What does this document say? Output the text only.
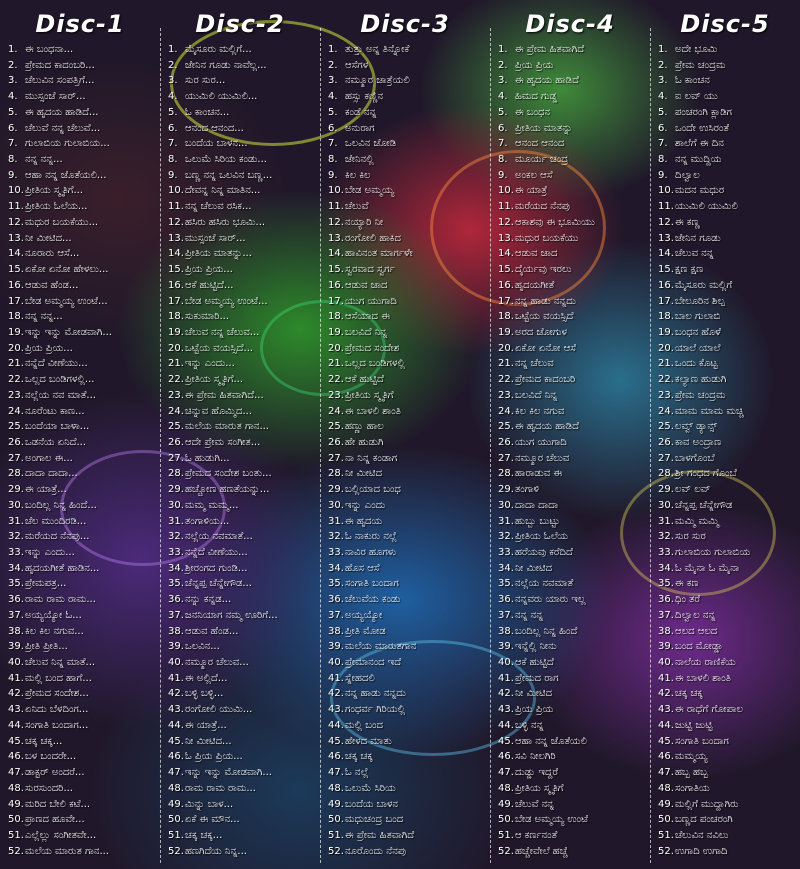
Disc-1
1. ಈ ಬಂಧನಾ...
2. ಪ್ರೇಮದ ಕಾದಂಬರಿ...
3. ಚೆಲುವಿನ ಸಂಪತ್ತಿಗೆ...
4. ಮುಸ್ಸಂಜೆ ಸಾರ್...
5. ಈ ಹೃದಯ ಹಾಡಿದೆ...
6. ಚೆಲುವೆ ನನ್ನ ಚೆಲುವೆ...
7. ಗುಲಾಬಿಯ ಗುಲಾಬಿಯ...
8. ನನ್ನ ನನ್ನ...
9. ಆಹಾ ನನ್ನ ಜೊತೆಯಲಿ...
10.ಪ್ರೀತಿಯ ಸ್ಮೃತಿಗೆ...
11.ಪ್ರೀತಿಯ ಓಲೆಯ...
12.ಮಧುರ ಬಯಕೆಯು...
13.ನೀ ಮೀಟಿದ...
14.ನೂರಾರು ಆಸೆ...
15.ಏಕೋ ಏನೋ ಹೇಳಲು...
16.ಆಡುವ ಹೆಂಡ...
17.ಬೇಡ ಅಮ್ಮಯ್ಯ ಉಂಟೆ...
18.ನನ್ನ ನನ್ನ...
19.ಇನ್ನು ಇನ್ನು ಮೋಡವಾಗಿ...
20.ಪ್ರಿಯ ಪ್ರಿಯ...
21.ನನ್ನೆದೆ ವೀಣೆಯು...
22.ಒಲ್ಲದ ಬಂಡಿಗಳಲ್ಲಿ...
23.ನಲ್ಲೆಯ ನವ ಮಾತೆ...
24.ನೂರೆಂಟು ಕಾಣ...
25.ಬಂದೆಯಾ ಬಾಳಾ...
26.ಒಡನೆಯ ಏನಿದೆ...
27.ಅಂಗಾಲ ಈ...
28.ದಾದಾ ದಾದಾ...
29.ಈ ಯಾತ್ರೆ...
30.ಬಂದಿಲ್ಲ ನಿನ್ನ ಹಿಂದೆ...
31.ಚೆಲ ಮುಂದಿರಡಿ...
32.ಮರೆಯದ ನೆನಪು...
33.ಇನ್ನು ಎಂದು...
34.ಹೃದಯಗೀತೆ ಹಾಡಿನ...
35.ಪ್ರೇಮಪತ್ರ...
36.ರಾಮ ರಾಮ ರಾಮ...
37.ಅಯ್ಯಯ್ಯೋ ಓ...
38.ಕಿಲ ಕಿಲ ನಗುವ...
39.ಪ್ರೀತಿ ಪ್ರೀತಿ...
40.ಚೆಲುವ ನಿನ್ನ ಮಾತೆ...
41.ಮಲ್ಲಿ ಬಂದ ಹಾಗೆ...
42.ಪ್ರೇಮದ ಸಂದೇಶ...
43.ಏನಿದು ಬೆಳದಿಂಗ...
44.ಸಂಗಾತಿ ಬಂದಾಗ...
45.ಚಕ್ಕ ಚಕ್ಕ...
46.ಬಳ ಬಂದರೇ...
47.ಡಾಕ್ಟರ್ ಅಂದರೆ...
48.ಸುರಸುಂದರಿ...
49.ಮರಿದ ಬೇಲಿ ಕಟೆ...
50.ಪ್ರಾಣದ ಹೂವೇ...
51.ಎಲ್ಲೆಲ್ಲು ಸಂಗೀತವೇ...
52.ಮಲೆಯ ಮಾರುತ ಗಾನ...
Disc-2
1. ಮೈಸೂರು ಮಲ್ಲಿಗೆ...
2. ಜೇನಿನ ಗೂಡು ನಾವೆಲ್ಲ...
3. ಸುರ ಸುರ...
4. ಯುಮಿಲಿ ಯುಮಿಲಿ...
5. ಓ ಕಾಂಚನ...
6. ಆನಂದ ಆನಂದ...
7. ಬಂದೆಯ ಬಾಳನ...
8. ಒಲುಮೆ ಸಿರಿಯ ಕಂಡು...
9. ಬಣ್ಣ ನನ್ನ ಒಲವಿನ ಬಣ್ಣ...
10.ದೇವನ್ನ ನಿನ್ನ ಮಾತಿನ...
11.ನನ್ನ ಚೆಲುವ ರಸಿಕ...
12.ಹಸಿರು ಹಸಿರು ಭೂಮಿ...
13.ಮುಸ್ಸಂಜೆ ಸಾರ್...
14.ಪ್ರೀತಿಯ ಮಾತನ್ನು...
15.ಪ್ರಿಯ ಪ್ರಿಯ...
16.ಆಕೆ ಹುಟ್ಟಿದೆ...
17.ಬೇಡ ಅಮ್ಮಯ್ಯ ಉಂಟೆ...
18.ಸುಕುಮಾರಿ...
19.ಚೆಲುವ ನನ್ನ ಚೆಲುವ...
20.ಒಟ್ಟೆಯ ವಯಸ್ಸಿದೆ...
21.ಇನ್ನು ಎಂದು...
22.ಪ್ರೀತಿಯ ಸ್ಮೃತಿಗೆ...
23.ಈ ಪ್ರೇಮ ಹಿತವಾಗಿದೆ...
24.ಚಿನ್ನುವ ಹೊಮ್ಮಿದ...
25.ಮಲೆಯ ಮಾರುತ ಗಾನ...
26.ಆದೇ ಪ್ರೇಮ ಸಂಗೀತ...
27.ಓ ಹುಡುಗಿ...
28.ಪ್ರೇಮದ ಸಂದೇಶ ಬಂತು...
29.ಹಚ್ಚೋಣ ಹಣತೆಯನ್ನು...
30.ಮಮ್ಮ ಮಮ್ಮ...
31.ತಂಗಾಳಿಯ...
32.ನಲ್ಲೆಯ ನವಮಾತೆ...
33.ನನ್ನೆದೆ ವೀಣೆಯು...
34.ಶ್ರೀರಂಗದ ಗುಂಡಿ...
35.ಚೆನ್ನಪ್ಪ ಚೆನ್ನೇಗೌಡ...
36.ನನ್ನು ಕನ್ನಡ...
37.ಜನನಿಯಾಗ ನಮ್ಮ ಊರಿಗೆ...
38.ಆಡುವ ಹೆಂಡ...
39.ಒಲವಿನ...
40.ನಮ್ಮೂರ ಚೆಲುವ...
41.ಈ ಅಲ್ಲಿದೆ...
42.ಬಳ್ಳಿ ಬಳ್ಳಿ...
43.ರಂಗೋಲಿ ಯುಮಿ...
44.ಈ ಯಾತ್ರೆ...
45.ನೀ ಮೀಟಿದ...
46.ಓ ಪ್ರಿಯ ಪ್ರಿಯ...
47.ಇನ್ನು ಇನ್ನು ಮೋಡವಾಗಿ...
48.ರಾಮ ರಾಮ ರಾಮ...
49.ಮಿನ್ನು ಬಾಳ...
50.ಏಕೆ ಈ ಮೌನ...
51.ಚಕ್ಕ ಚಕ್ಕ...
52.ಹಣಗಿದೆಯ ನಿನ್ನ...
Disc-3
1. ತುತ್ತು ಅನ್ನ ತಿನ್ನೋಕೆ
2. ಆಸೆಗಳ
3. ನಮ್ಮೂರ ಜಾತ್ರೆಯಲಿ
4. ಹಸ್ಸು ಕಣ್ಣಿನ
5. ಕಂಡೆ ನನ್ನ
6. ಅನುರಾಗ
7. ಒಲವಿನ ಜೋಡಿ
8. ಜೇನಿನಲ್ಲಿ
9. ಕಿಲ ಕಿಲ
10.ಬೇಡ ಅಮ್ಮಯ್ಯ
11.ಚೆಲುವೆ
12.ನಯ್ಯಾರಿ ನೀ
13.ರಂಗೋಲಿ ಹಾಕಿದ
14.ಹಾವಿನಂತ ಮಾರ್ಗಳೇ
15.ಸ್ವರವಾದ ಸ್ವರ್ಗ
16.ಆಡುವ ಜಾದ
17.ಯುಗ ಯುಗಾದಿ
18.ಆಸೆಯಾದ ಈ
19.ಬಲವಿದೆ ನಿನ್ನ
20.ಪ್ರೇಮದ ಸಂದೇಶ
21.ಒಲ್ಲದ ಬಂಡಿಗಳಲ್ಲಿ
22.ಆಕೆ ಹುಟ್ಟಿದೆ
23.ಪ್ರೀತಿಯ ಸ್ಮೃತಿಗೆ
24.ಈ ಬಾಳಲಿ ಶಾಂತಿ
25.ಹಣ್ಣು ಹಾಲ
26.ಹೇ ಹುಡುಗಿ
27.ನಾ ನಿನ್ನ ಕಂಡಾಗ
28.ನೀ ಮೀಟಿದ
29.ಬಲ್ಲಿಯಾದ ಬಂಧ
30.ಇನ್ನು ಎಂದು
31.ಈ ಹೃದಯ
32.ಓ ನಾಕುರು ನಲ್ಲೆ
33.ನಾವಿರ ಹೂಗಳು
34.ಹೊಸ ಆಸೆ
35.ಸಂಗಾತಿ ಬಂದಾಗ
36.ಚೆಲುವೆಯ ಕಂಡು
37.ಅಯ್ಯಯ್ಯೋ
38.ಪ್ರೀತಿ ಮೋಡ
39.ಮಲೆಯ ಮಾರುತಗಾನ
40.ಪ್ರೇಮಾನಂದ ಇದೆ
41.ಸ್ನೇಹದಲಿ
42.ನನ್ನ ಹಾಡು ನನ್ನದು
43.ಗಂಧರ್ವ ಗಿರಿಯಲ್ಲಿ
44.ಮಲ್ಲಿ ಬಂದ
45.ಹೇಳದ ಮಾತು
46.ಚಕ್ಕ ಚಕ್ಕ
47.ಓ ನಲ್ಲೆ
48.ಒಲುಮೆ ಸಿರಿಯ
49.ಬಂದೆಯ ಬಾಳನ
50.ಮಧುಚಂದ್ರ ಬಂದ
51.ಈ ಪ್ರೇಮ ಹಿತವಾಗಿದೆ
52.ನೂರೊಂದು ನೆನಪು
Disc-4
1. ಈ ಪ್ರೇಮ ಹಿತವಾಗಿದೆ
2. ಪ್ರಿಯ ಪ್ರಿಯ
3. ಈ ಹೃದಯ ಹಾಡಿದೆ
4. ಹಿಮದ ಗುಡ್ಡ
5. ಈ ಬಂಧನ
6. ಪ್ರೀತಿಯ ಮಾತನ್ನು
7. ಆನಂದ ಆನಂದ
8. ಮೂರ್ಯ ಚಂದ್ರ
9. ಅಂಕಲ ಆಸೆ
10.ಈ ಯಾತ್ರೆ
11.ಮರೆಯದ ನೆನಪು
12.ಆಕಾಶವು ಈ ಭೂಮಿಯು
13.ಮಧುರ ಬಯಕೆಯು
14.ಆಡುವ ಜಾದ
15.ದೈರ್ಯವು ಇರಲು
16.ಹೃದಯಗೀತೆ
17.ನನ್ನ ಹಾಡು ನನ್ನದು
18.ಒಟ್ಟೆಯ ವಯಸ್ಸಿದೆ
19.ಅರದ ಜೋಗುಳ
20.ಏಕೋ ಏನೋ ಆಸೆ
21.ನನ್ನ ಚೆಲುವ
22.ಪ್ರೇಮದ ಕಾದಂಬರಿ
23.ಬಲವಿದೆ ನಿನ್ನ
24.ಕಿಲ ಕಿಲ ನಗುವ
25.ಈ ಹೃದಯ ಹಾಡಿದೆ
26.ಯುಗ ಯುಗಾದಿ
27.ನಮ್ಮೂರ ಚೆಲುವ
28.ಹಾರಾಡುವ ಈ
29.ತಂಗಾಳಿ
30.ದಾದಾ ದಾದಾ
31.ಹುಬ್ಬು ಬುಟ್ಟು
32.ಪ್ರೀತಿಯ ಓಲೆಯ
33.ಹರೆಯವು ಕರೆದಿದೆ
34.ನೀ ಮೀಟಿದ
35.ನಲ್ಲೆಯ ನವಮಾತೆ
36.ನನ್ನವರು ಯಾರು ಇಲ್ಲ
37.ನನ್ನ ನನ್ನ
38.ಬಂದಿಲ್ಲ ನಿನ್ನ ಹಿಂದೆ
39.ಇನ್ನೆಲ್ಲಿ ನೀನು
40.ಆಕೆ ಹುಟ್ಟಿದೆ
41.ಪ್ರೇಮದ ರಾಗ
42.ನೀ ಮೀಟಿದ
43.ಪ್ರಿಯ ಪ್ರಿಯ
44.ಬಳ್ಳಿ ನನ್ನ
45.ಆಹಾ ನನ್ನ ಜೊತೆಯಲಿ
46.ಸವಿ ನೀಲಗಿರಿ
47.ದುಡ್ಡು ಇದ್ದರೆ
48.ಪ್ರೀತಿಯ ಸ್ಮೃತಿಗೆ
49.ಚೆಲುವೆ ನನ್ನ
50.ಬೇಡ ಅಮ್ಮಯ್ಯ ಉಂಟೆ
51.ಆ ಕರ್ಣನಂತೆ
52.ಹಚ್ಚೇವೇಲೆ ಹಚ್ಚೆ
Disc-5
1. ಅದೇ ಭೂಮಿ
2. ಪ್ರೇಮ ಚಂದ್ರಮ
3. ಓ ಕಾಂಚನ
4. ಐ ಲವ್ ಯು
5. ಪಂಚರಂಗಿ ಕ್ಲಾಡಿಗ
6. ಒಂದೇ ಉಸಿರಂತೆ
7. ಶಾಲೆಗೆ ಈ ದಿನ
8. ನನ್ನ ಮುದ್ದಿಯ
9. ದಿಲ್ವಾಲ
10.ಮದನ ಮಧುರ
11.ಯುಮಿಲಿ ಯುಮಿಲಿ
12.ಈ ಕಣ್ಣ
13.ಜೇನಿನ ಗೂಡು
14.ಚೆಲುವ ನನ್ನ
15.ಕ್ಷಣ ಕ್ಷಣ
16.ಮೈಸೂರು ಮಲ್ಲಿಗೆ
17.ಬೇಲೂರಿನ ಶಿಲ್ಪ
18.ಬಾಲ ಗುಲಾಬಿ
19.ಬಂಧನ ಹೊಳೆ
20.ಯಾಲೆ ಯಾಲೆ
21.ಒಂದು ಕೊಟ್ಟ
22.ಕಲ್ಯಾಣ ಹುಡುಗಿ
23.ಪ್ರೇಮ ಚಂದ್ರಮ
24.ಮಾಮ ಮಾಮ ಮಚ್ಚಿ
25.ಲವ್ವ್ ಡ್ಯಾನ್ಸ್
26.ಕಾವ ಅಂದ್ರಾಣ
27.ಬಾಳಗೊಂಬೆ
28.ಶ್ರೀ ಗಂಧದ ಗೊಂಬೆ
29.ಲವ್ ಲವ್
30.ಚೆನ್ನಪ್ಪ ಚೆನ್ನೇಗೌಡ
31.ಮಮ್ಮಿ ಮಮ್ಮಿ
32.ಸುರ ಸುರ
33.ಗುಲಾಬಿಯ ಗುಲಾಬಿಯ
34.ಓ ಮೈನಾ ಓ ಮೈನಾ
35.ಈ ಕಣ
36.ಧಿಂ ತರೆ
37.ದಿಲ್ವಾಲ ನನ್ನ
38.ಆಲದ ಆಲದ
39.ಬಂದ ಮೋಡ್ಡಾ
40.ನಾಲೆಯ ರಾಣಿಕೆಯ
41.ಈ ಬಾಳಲಿ ಶಾಂತಿ
42.ಚಕ್ಕ ಚಕ್ಕ
43.ಈ ರಾಧೆಗೆ ಗೋಪಾಲ
44.ಜುಟ್ಟಿ ಜುಟ್ಟಿ
45.ಸಂಗಾತಿ ಬಂದಾಗ
46.ಮಮ್ಮಯ್ಯ
47.ಹಬ್ಬ ಹಬ್ಬ
48.ಸಂಗಾತಿಯ
49.ಮಲ್ಲಿಗೆ ಮುದ್ದಾಗಿರು
50.ಬಣ್ಣದ ಪಂಚರಂಗಿ
51.ಚೆಲುವಿನ ನವಿಲು
52.ಉಗಾದಿ ಉಗಾದಿ
